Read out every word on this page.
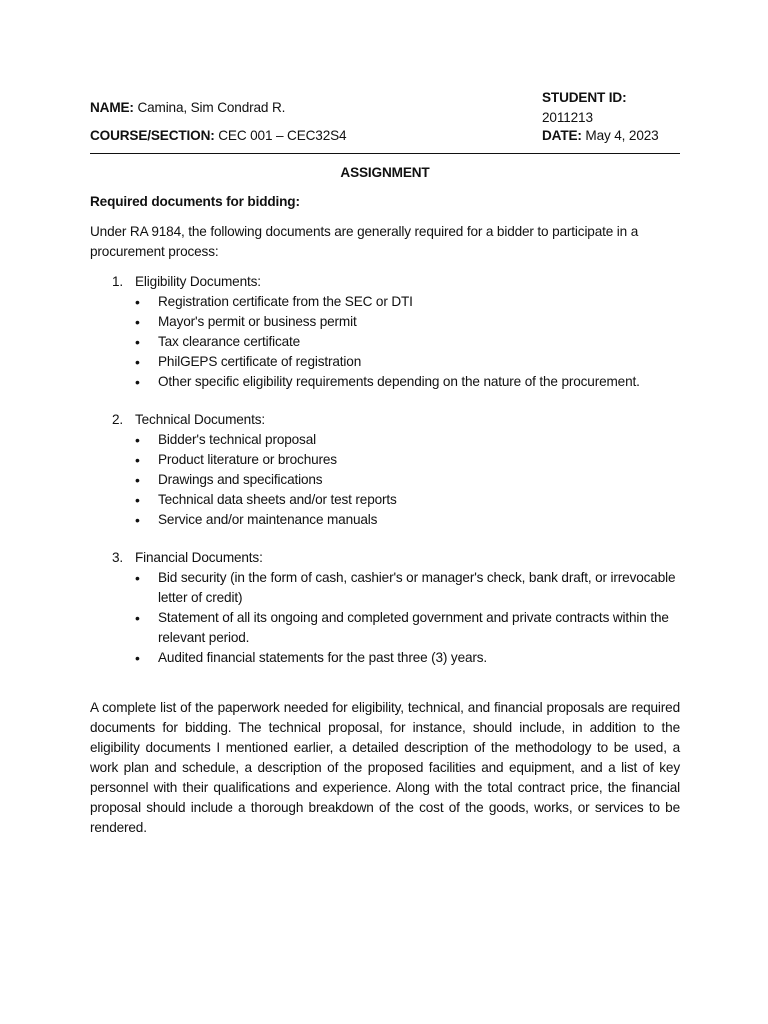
NAME: Camina, Sim Condrad R.
STUDENT ID: 2011213
COURSE/SECTION: CEC 001 – CEC32S4	DATE: May 4, 2023
ASSIGNMENT
Required documents for bidding:
Under RA 9184, the following documents are generally required for a bidder to participate in a procurement process:
1. Eligibility Documents:
• Registration certificate from the SEC or DTI
• Mayor's permit or business permit
• Tax clearance certificate
• PhilGEPS certificate of registration
• Other specific eligibility requirements depending on the nature of the procurement.
2. Technical Documents:
• Bidder's technical proposal
• Product literature or brochures
• Drawings and specifications
• Technical data sheets and/or test reports
• Service and/or maintenance manuals
3. Financial Documents:
• Bid security (in the form of cash, cashier's or manager's check, bank draft, or irrevocable letter of credit)
• Statement of all its ongoing and completed government and private contracts within the relevant period.
• Audited financial statements for the past three (3) years.
A complete list of the paperwork needed for eligibility, technical, and financial proposals are required documents for bidding. The technical proposal, for instance, should include, in addition to the eligibility documents I mentioned earlier, a detailed description of the methodology to be used, a work plan and schedule, a description of the proposed facilities and equipment, and a list of key personnel with their qualifications and experience. Along with the total contract price, the financial proposal should include a thorough breakdown of the cost of the goods, works, or services to be rendered.
